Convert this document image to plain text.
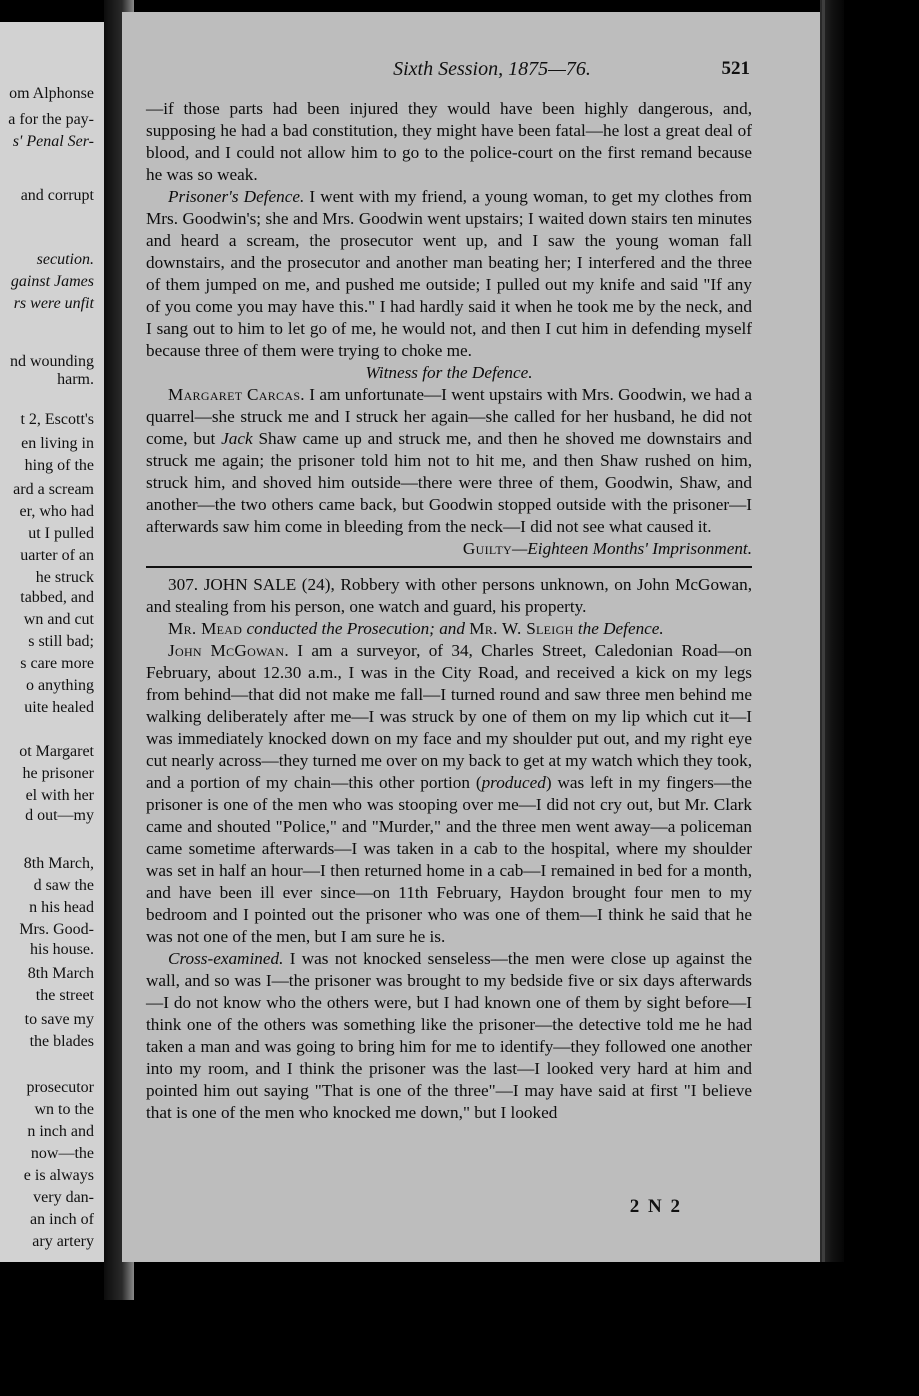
om Alphonse
a for the pay-
s' Penal Ser-
and corrupt
secution.
gainst James
rs were unfit
nd wounding
harm.
t 2, Escott's
en living in
hing of the
ard a scream
er, who had
ut I pulled
uarter of an
he struck
tabbed, and
wn and cut
s still bad;
s care more
o anything
uite healed
ot Margaret
he prisoner
el with her
d out—my
8th March,
d saw the
n his head
Mrs. Good-
his house.
8th March
the street
to save my
the blades
prosecutor
wn to the
n inch and
now—the
e is always
very dan-
an inch of
ary artery
Sixth Session, 1875—76.	521

—if those parts had been injured they would have been highly dangerous, and, supposing he had a bad constitution, they might have been fatal—he lost a great deal of blood, and I could not allow him to go to the police-court on the first remand because he was so weak.

Prisoner's Defence. I went with my friend, a young woman, to get my clothes from Mrs. Goodwin's; she and Mrs. Goodwin went upstairs; I waited down stairs ten minutes and heard a scream, the prosecutor went up, and I saw the young woman fall downstairs, and the prosecutor and another man beating her; I interfered and the three of them jumped on me, and pushed me outside; I pulled out my knife and said "If any of you come you may have this." I had hardly said it when he took me by the neck, and I sang out to him to let go of me, he would not, and then I cut him in defending myself because three of them were trying to choke me.

Witness for the Defence.

Margaret Carcas. I am unfortunate—I went upstairs with Mrs. Goodwin, we had a quarrel—she struck me and I struck her again—she called for her husband, he did not come, but Jack Shaw came up and struck me, and then he shoved me downstairs and struck me again; the prisoner told him not to hit me, and then Shaw rushed on him, struck him, and shoved him outside—there were three of them, Goodwin, Shaw, and another—the two others came back, but Goodwin stopped outside with the prisoner—I afterwards saw him come in bleeding from the neck—I did not see what caused it.

Guilty—Eighteen Months' Imprisonment.

307. JOHN SALE (24), Robbery with other persons unknown, on John McGowan, and stealing from his person, one watch and guard, his property.

Mr. Mead conducted the Prosecution; and Mr. W. Sleigh the Defence.

John McGowan. I am a surveyor, of 34, Charles Street, Caledonian Road—on February, about 12.30 a.m., I was in the City Road, and received a kick on my legs from behind—that did not make me fall—I turned round and saw three men behind me walking deliberately after me—I was struck by one of them on my lip which cut it—I was immediately knocked down on my face and my shoulder put out, and my right eye cut nearly across—they turned me over on my back to get at my watch which they took, and a portion of my chain—this other portion (produced) was left in my fingers—the prisoner is one of the men who was stooping over me—I did not cry out, but Mr. Clark came and shouted "Police," and "Murder," and the three men went away—a policeman came sometime afterwards—I was taken in a cab to the hospital, where my shoulder was set in half an hour—I then returned home in a cab—I remained in bed for a month, and have been ill ever since—on 11th February, Haydon brought four men to my bedroom and I pointed out the prisoner who was one of them—I think he said that he was not one of the men, but I am sure he is.

Cross-examined. I was not knocked senseless—the men were close up against the wall, and so was I—the prisoner was brought to my bedside five or six days afterwards—I do not know who the others were, but I had known one of them by sight before—I think one of the others was something like the prisoner—the detective told me he had taken a man and was going to bring him for me to identify—they followed one another into my room, and I think the prisoner was the last—I looked very hard at him and pointed him out saying "That is one of the three"—I may have said at first "I believe that is one of the men who knocked me down," but I looked

2 N 2
